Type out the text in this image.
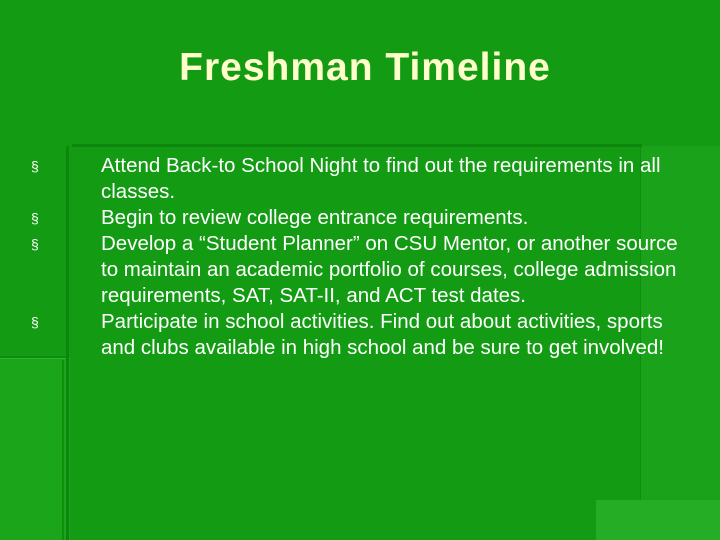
Freshman Timeline
§	Attend Back-to School Night to find out the requirements in all classes.
§	Begin to review college entrance requirements.
§	Develop a “Student Planner” on CSU Mentor, or another source to maintain an academic portfolio of courses, college admission requirements, SAT, SAT-II, and ACT test dates.
§	Participate in school activities. Find out about activities, sports and clubs available in high school and be sure to get involved!
